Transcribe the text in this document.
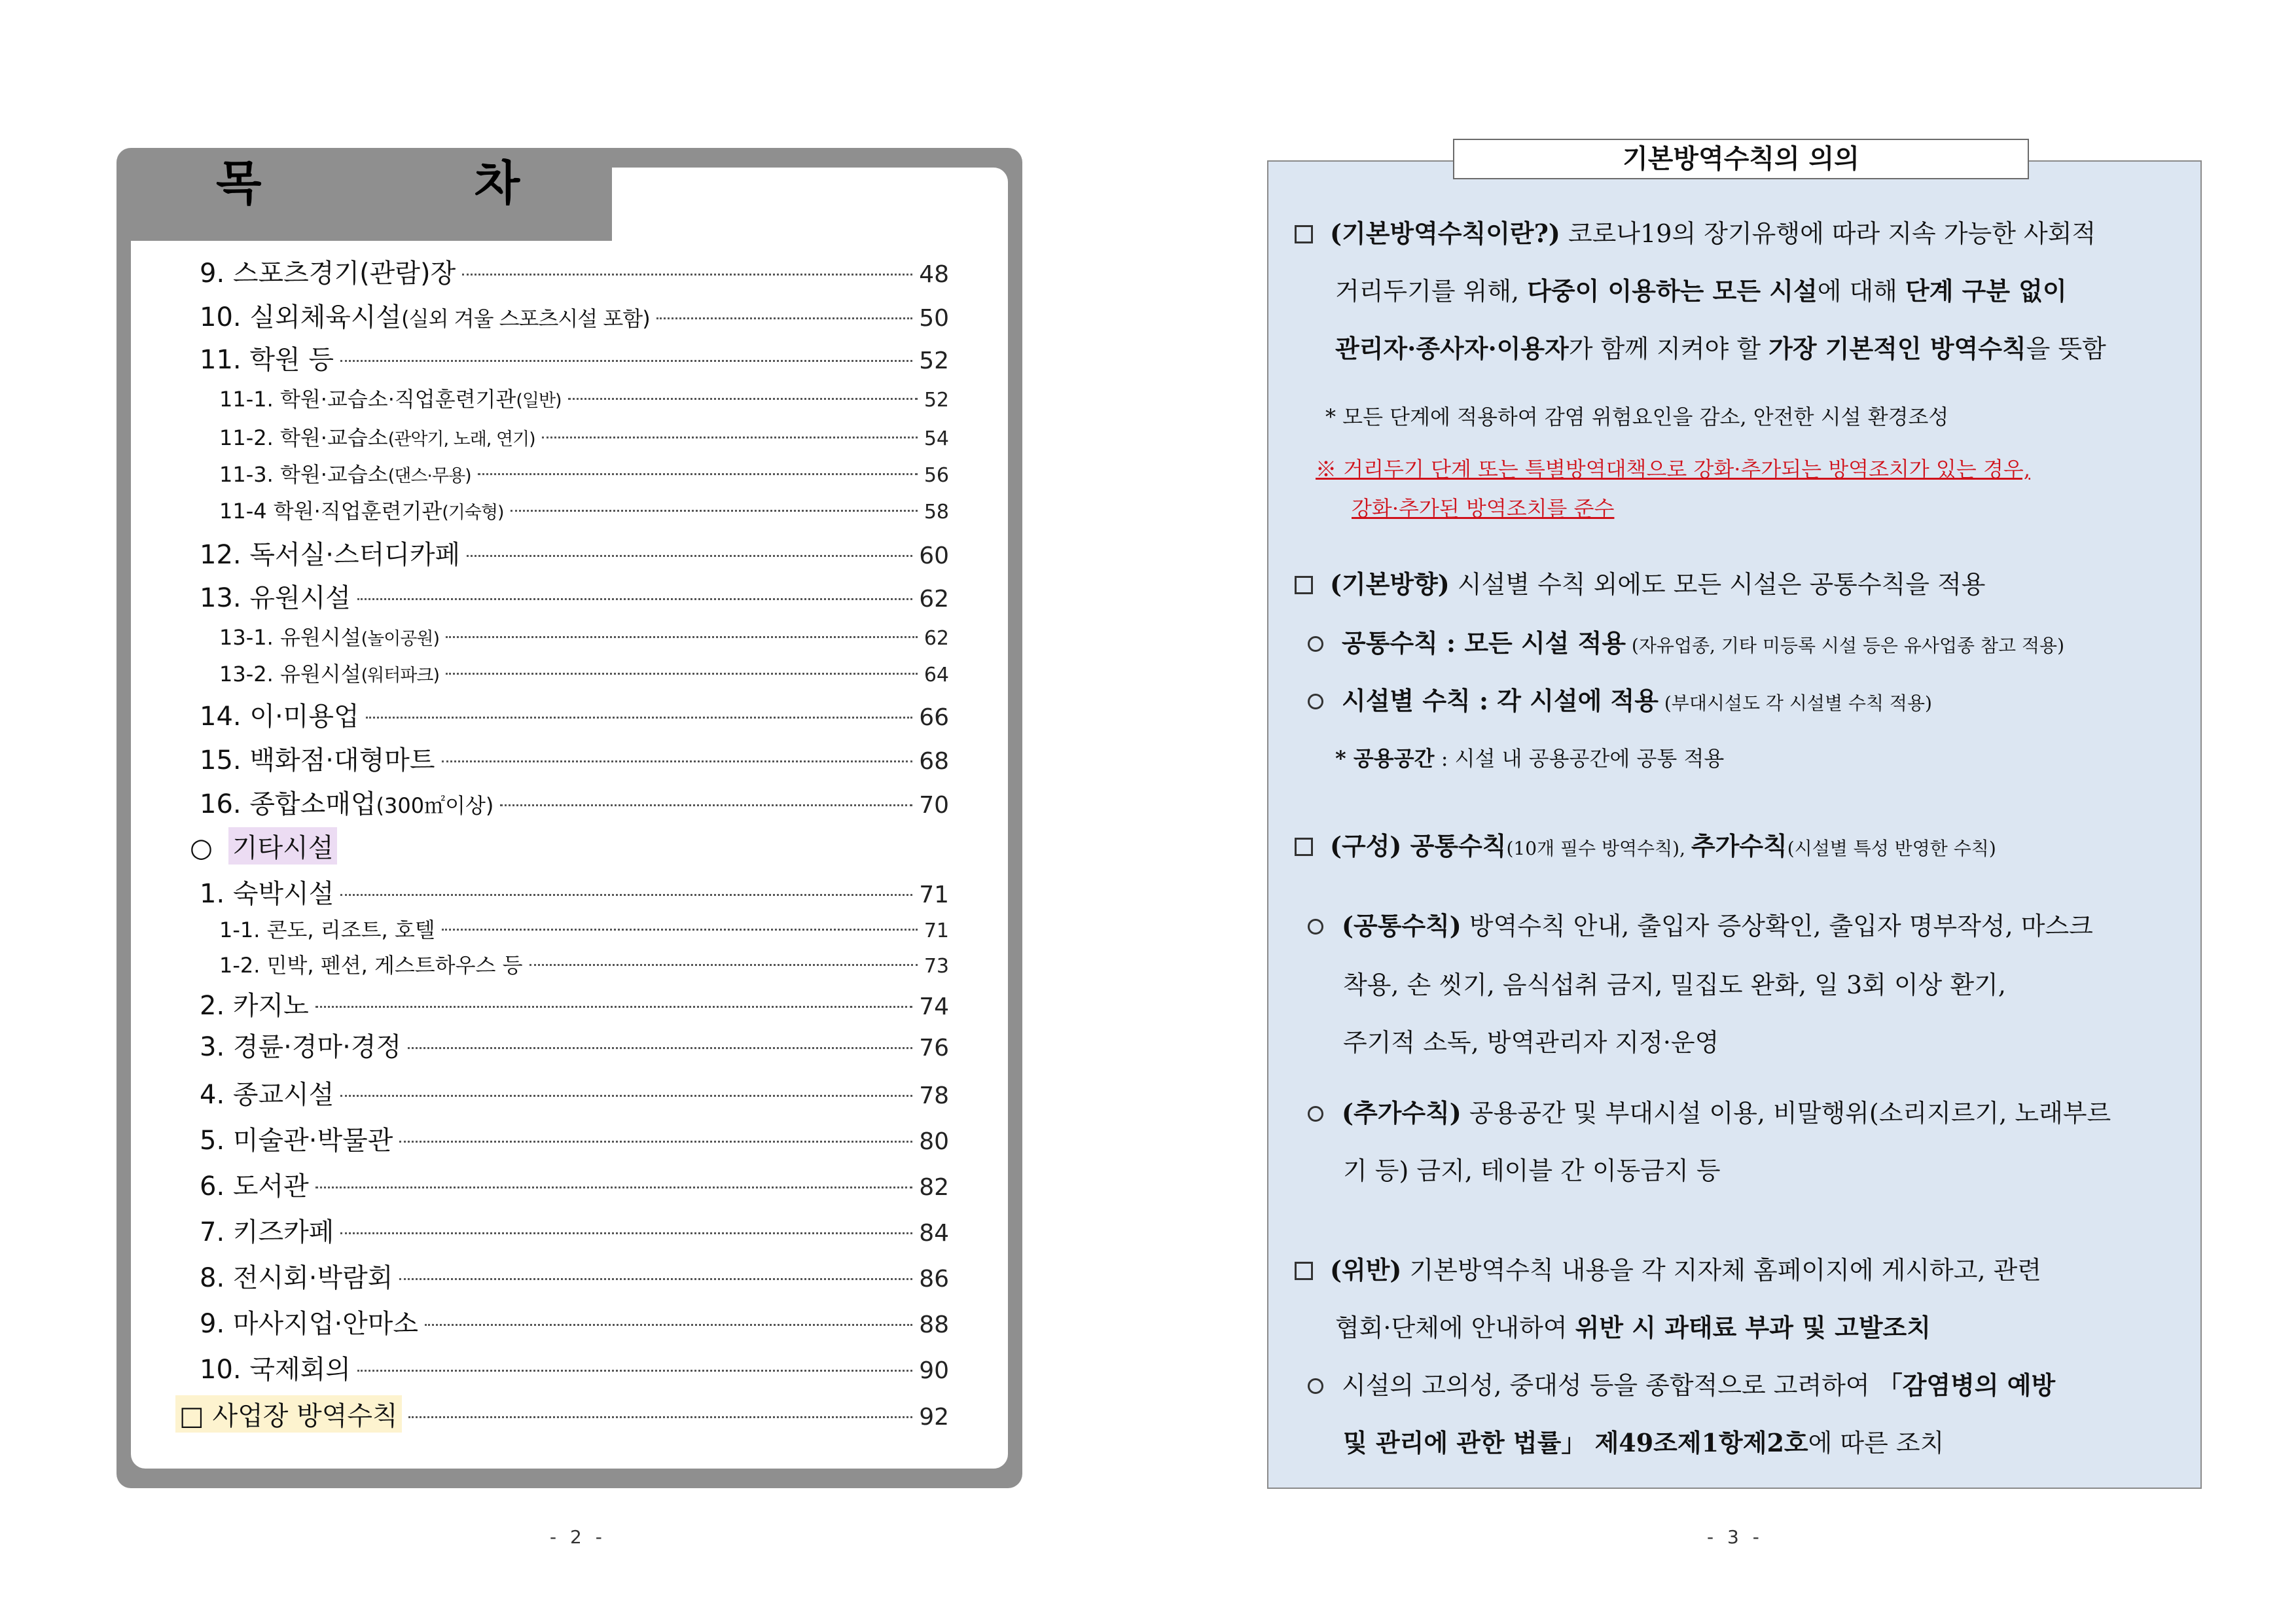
목 차
9. 스포츠경기(관람)장	48
10. 실외체육시설(실외 겨울 스포츠시설 포함)	50
11. 학원 등	52
11-1. 학원·교습소·직업훈련기관(일반)	52
11-2. 학원·교습소(관악기, 노래, 연기)	54
11-3. 학원·교습소(댄스·무용)	56
11-4 학원·직업훈련기관(기숙형)	58
12. 독서실·스터디카페	60
13. 유원시설	62
13-1. 유원시설(놀이공원)	62
13-2. 유원시설(워터파크)	64
14. 이·미용업	66
15. 백화점·대형마트	68
16. 종합소매업(300㎡이상)	70
○ 기타시설
1. 숙박시설	71
1-1. 콘도, 리조트, 호텔	71
1-2. 민박, 펜션, 게스트하우스 등	73
2. 카지노	74
3. 경륜·경마·경정	76
4. 종교시설	78
5. 미술관·박물관	80
6. 도서관	82
7. 키즈카페	84
8. 전시회·박람회	86
9. 마사지업·안마소	88
10. 국제회의	90
□ 사업장 방역수칙	92
- 2 -
기본방역수칙의 의의
(기본방역수칙이란?) 코로나19의 장기유행에 따라 지속 가능한 사회적
거리두기를 위해, 다중이 이용하는 모든 시설에 대해 단계 구분 없이
관리자·종사자·이용자가 함께 지켜야 할 가장 기본적인 방역수칙을 뜻함
* 모든 단계에 적용하여 감염 위험요인을 감소, 안전한 시설 환경조성
※ 거리두기 단계 또는 특별방역대책으로 강화·추가되는 방역조치가 있는 경우,
강화·추가된 방역조치를 준수
(기본방향) 시설별 수칙 외에도 모든 시설은 공통수칙을 적용
공통수칙 : 모든 시설 적용 (자유업종, 기타 미등록 시설 등은 유사업종 참고 적용)
시설별 수칙 : 각 시설에 적용 (부대시설도 각 시설별 수칙 적용)
* 공용공간 : 시설 내 공용공간에 공통 적용
(구성) 공통수칙(10개 필수 방역수칙), 추가수칙(시설별 특성 반영한 수칙)
(공통수칙) 방역수칙 안내, 출입자 증상확인, 출입자 명부작성, 마스크
착용, 손 씻기, 음식섭취 금지, 밀집도 완화, 일 3회 이상 환기,
주기적 소독, 방역관리자 지정·운영
(추가수칙) 공용공간 및 부대시설 이용, 비말행위(소리지르기, 노래부르
기 등) 금지, 테이블 간 이동금지 등
(위반) 기본방역수칙 내용을 각 지자체 홈페이지에 게시하고, 관련
협회·단체에 안내하여 위반 시 과태료 부과 및 고발조치
시설의 고의성, 중대성 등을 종합적으로 고려하여 「감염병의 예방
및 관리에 관한 법률」 제49조제1항제2호에 따른 조치
- 3 -
